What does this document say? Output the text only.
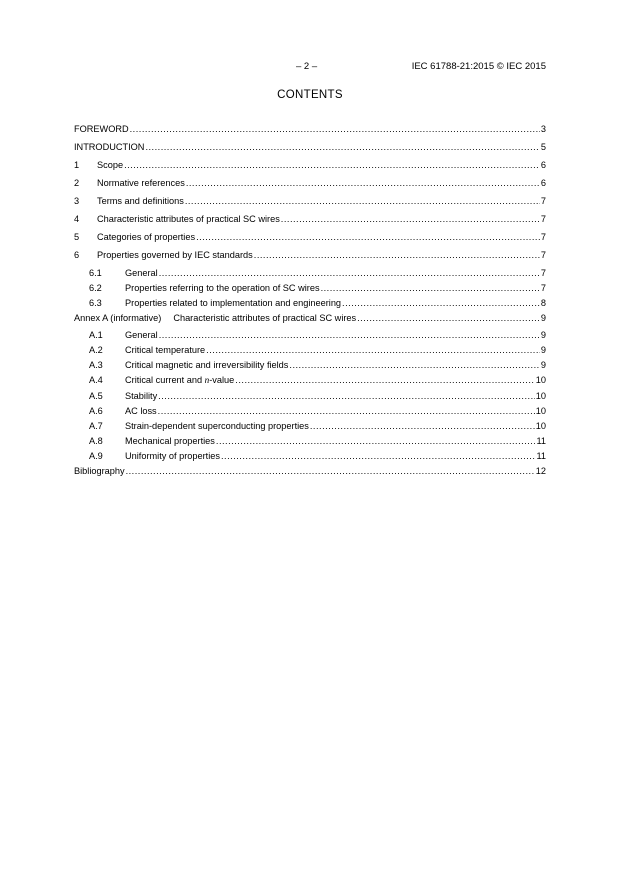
– 2 –	IEC 61788-21:2015 © IEC 2015
CONTENTS
FOREWORD .....	3
INTRODUCTION .....	5
1	Scope .....	6
2	Normative references .....	6
3	Terms and definitions .....	7
4	Characteristic attributes of practical SC wires .....	7
5	Categories of properties .....	7
6	Properties governed by IEC standards .....	7
6.1	General .....	7
6.2	Properties referring to the operation of SC wires .....	7
6.3	Properties related to implementation and engineering .....	8
Annex A (informative) Characteristic attributes of practical SC wires .....	9
A.1	General .....	9
A.2	Critical temperature .....	9
A.3	Critical magnetic and irreversibility fields .....	9
A.4	Critical current and n-value .....	10
A.5	Stability .....	10
A.6	AC loss .....	10
A.7	Strain-dependent superconducting properties .....	10
A.8	Mechanical properties .....	11
A.9	Uniformity of properties .....	11
Bibliography .....	12
